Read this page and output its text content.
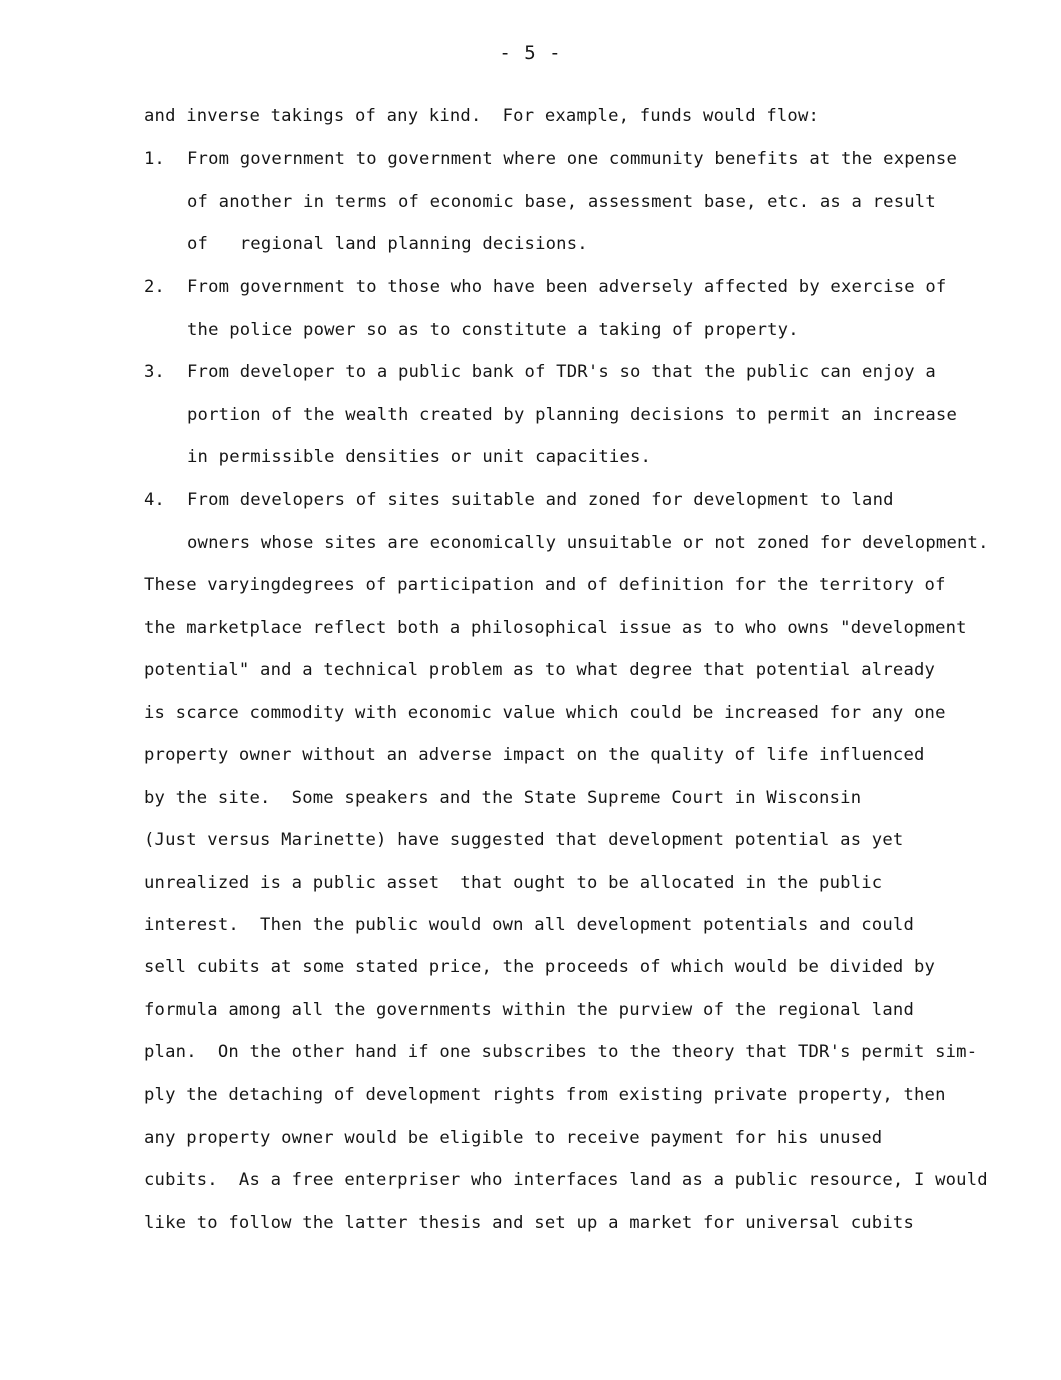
- 5 -
and inverse takings of any kind.  For example, funds would flow:
1. From government to government where one community benefits at the expense
of another in terms of economic base, assessment base, etc. as a result
of   regional land planning decisions.
2. From government to those who have been adversely affected by exercise of
the police power so as to constitute a taking of property.
3. From developer to a public bank of TDR's so that the public can enjoy a
portion of the wealth created by planning decisions to permit an increase
in permissible densities or unit capacities.
4. From developers of sites suitable and zoned for development to land
owners whose sites are economically unsuitable or not zoned for development.
These varyingdegrees of participation and of definition for the territory of
the marketplace reflect both a philosophical issue as to who owns "development
potential" and a technical problem as to what degree that potential already
is scarce commodity with economic value which could be increased for any one
property owner without an adverse impact on the quality of life influenced
by the site.  Some speakers and the State Supreme Court in Wisconsin
(Just versus Marinette) have suggested that development potential as yet
unrealized is a public asset  that ought to be allocated in the public
interest.  Then the public would own all development potentials and could
sell cubits at some stated price, the proceeds of which would be divided by
formula among all the governments within the purview of the regional land
plan.  On the other hand if one subscribes to the theory that TDR's permit sim-
ply the detaching of development rights from existing private property, then
any property owner would be eligible to receive payment for his unused
cubits.  As a free enterpriser who interfaces land as a public resource, I would
like to follow the latter thesis and set up a market for universal cubits
